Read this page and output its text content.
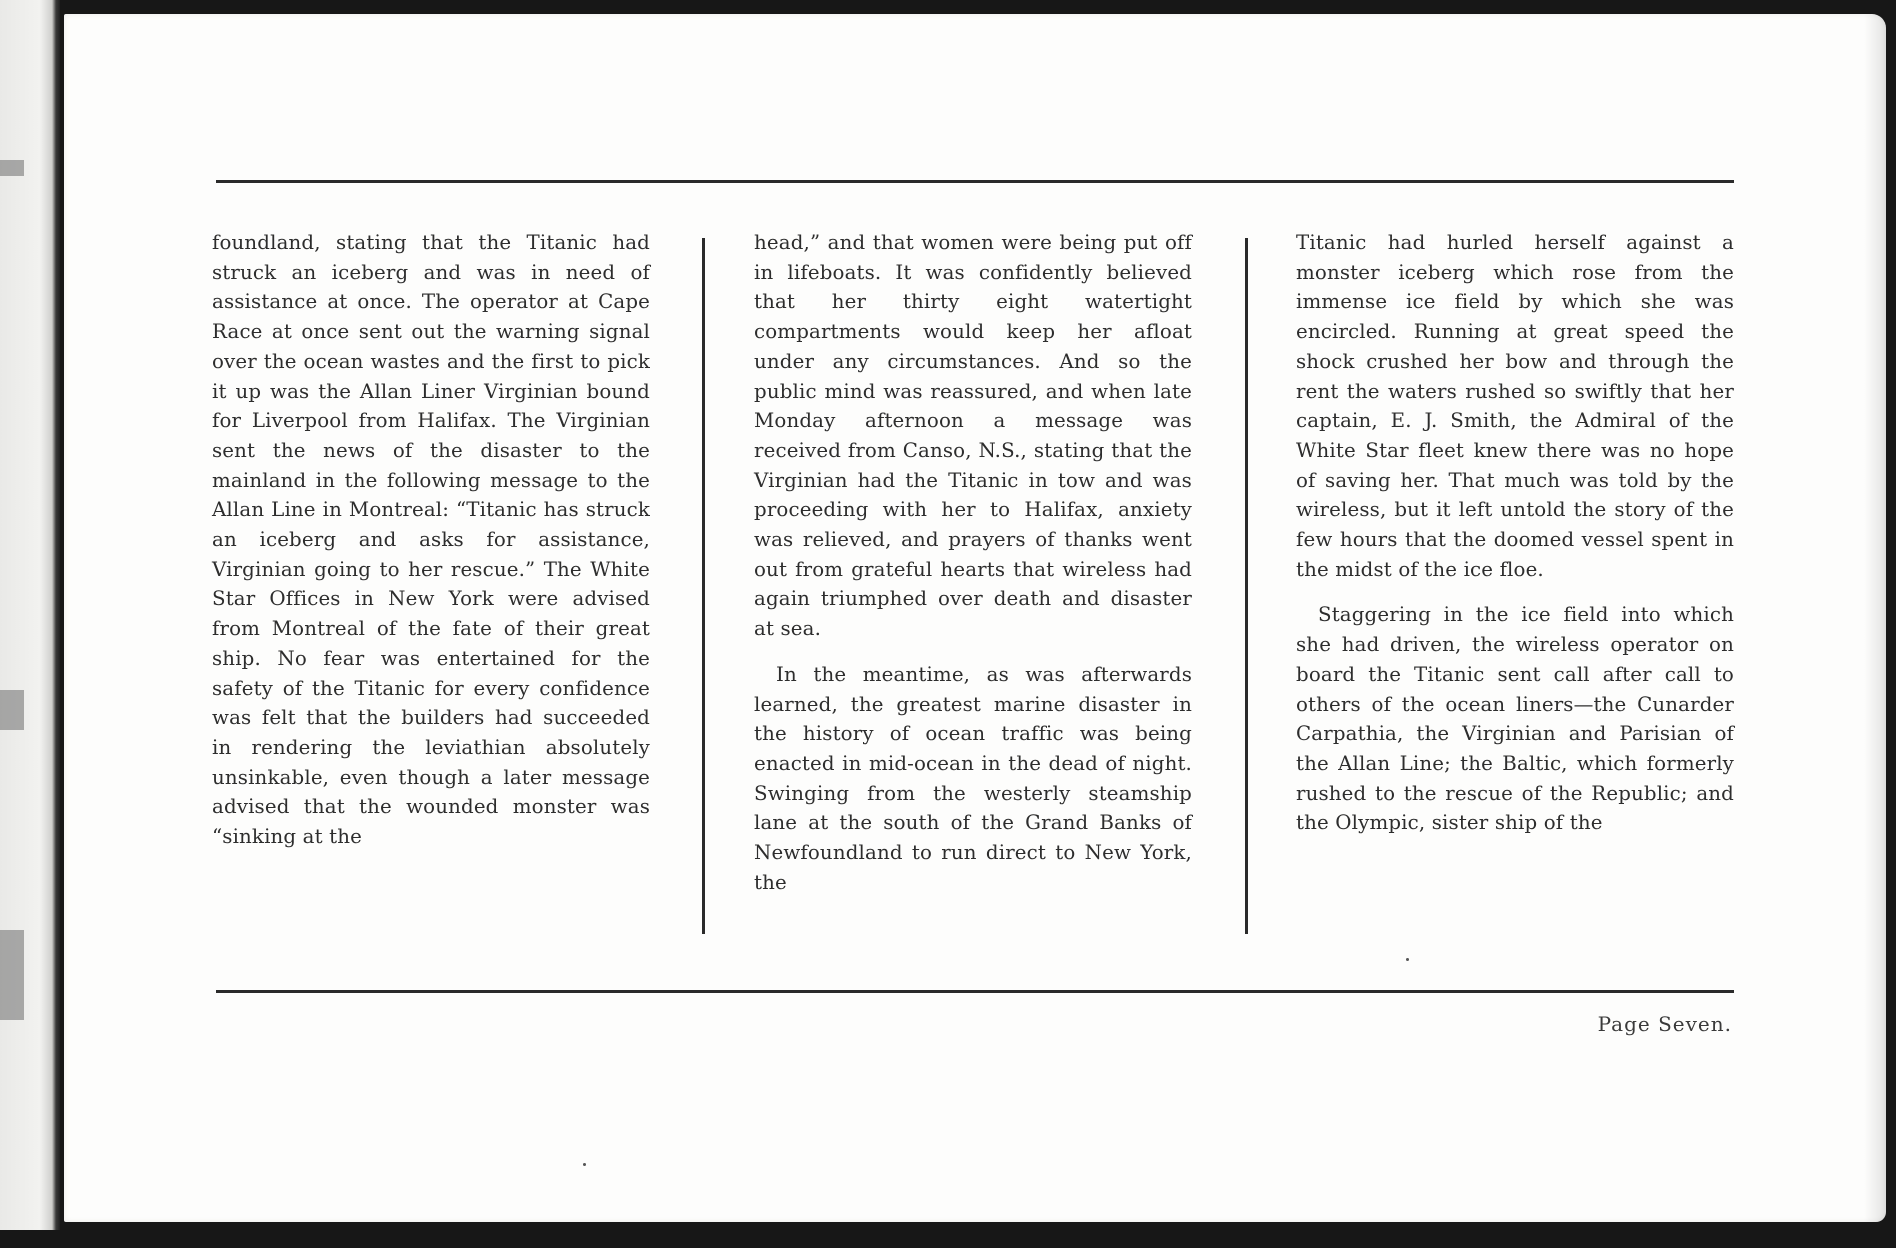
foundland, stating that the Titanic had struck an iceberg and was in need of assistance at once. The operator at Cape Race at once sent out the warning signal over the ocean wastes and the first to pick it up was the Allan Liner Virginian bound for Liverpool from Halifax. The Virginian sent the news of the disaster to the mainland in the following message to the Allan Line in Montreal: “Titanic has struck an iceberg and asks for assistance, Virginian going to her rescue.” The White Star Offices in New York were advised from Montreal of the fate of their great ship. No fear was entertained for the safety of the Titanic for every confidence was felt that the builders had succeeded in rendering the leviathian absolutely unsinkable, even though a later message advised that the wounded monster was “sinking at the

head,” and that women were being put off in lifeboats. It was confidently believed that her thirty eight watertight compartments would keep her afloat under any circumstances. And so the public mind was reassured, and when late Monday afternoon a message was received from Canso, N.S., stating that the Virginian had the Titanic in tow and was proceeding with her to Halifax, anxiety was relieved, and prayers of thanks went out from grateful hearts that wireless had again triumphed over death and disaster at sea.

In the meantime, as was afterwards learned, the greatest marine disaster in the history of ocean traffic was being enacted in mid-ocean in the dead of night. Swinging from the westerly steamship lane at the south of the Grand Banks of Newfoundland to run direct to New York, the

Titanic had hurled herself against a monster iceberg which rose from the immense ice field by which she was encircled. Running at great speed the shock crushed her bow and through the rent the waters rushed so swiftly that her captain, E. J. Smith, the Admiral of the White Star fleet knew there was no hope of saving her. That much was told by the wireless, but it left untold the story of the few hours that the doomed vessel spent in the midst of the ice floe.

Staggering in the ice field into which she had driven, the wireless operator on board the Titanic sent call after call to others of the ocean liners—the Cunarder Carpathia, the Virginian and Parisian of the Allan Line; the Baltic, which formerly rushed to the rescue of the Republic; and the Olympic, sister ship of the

Page Seven.
